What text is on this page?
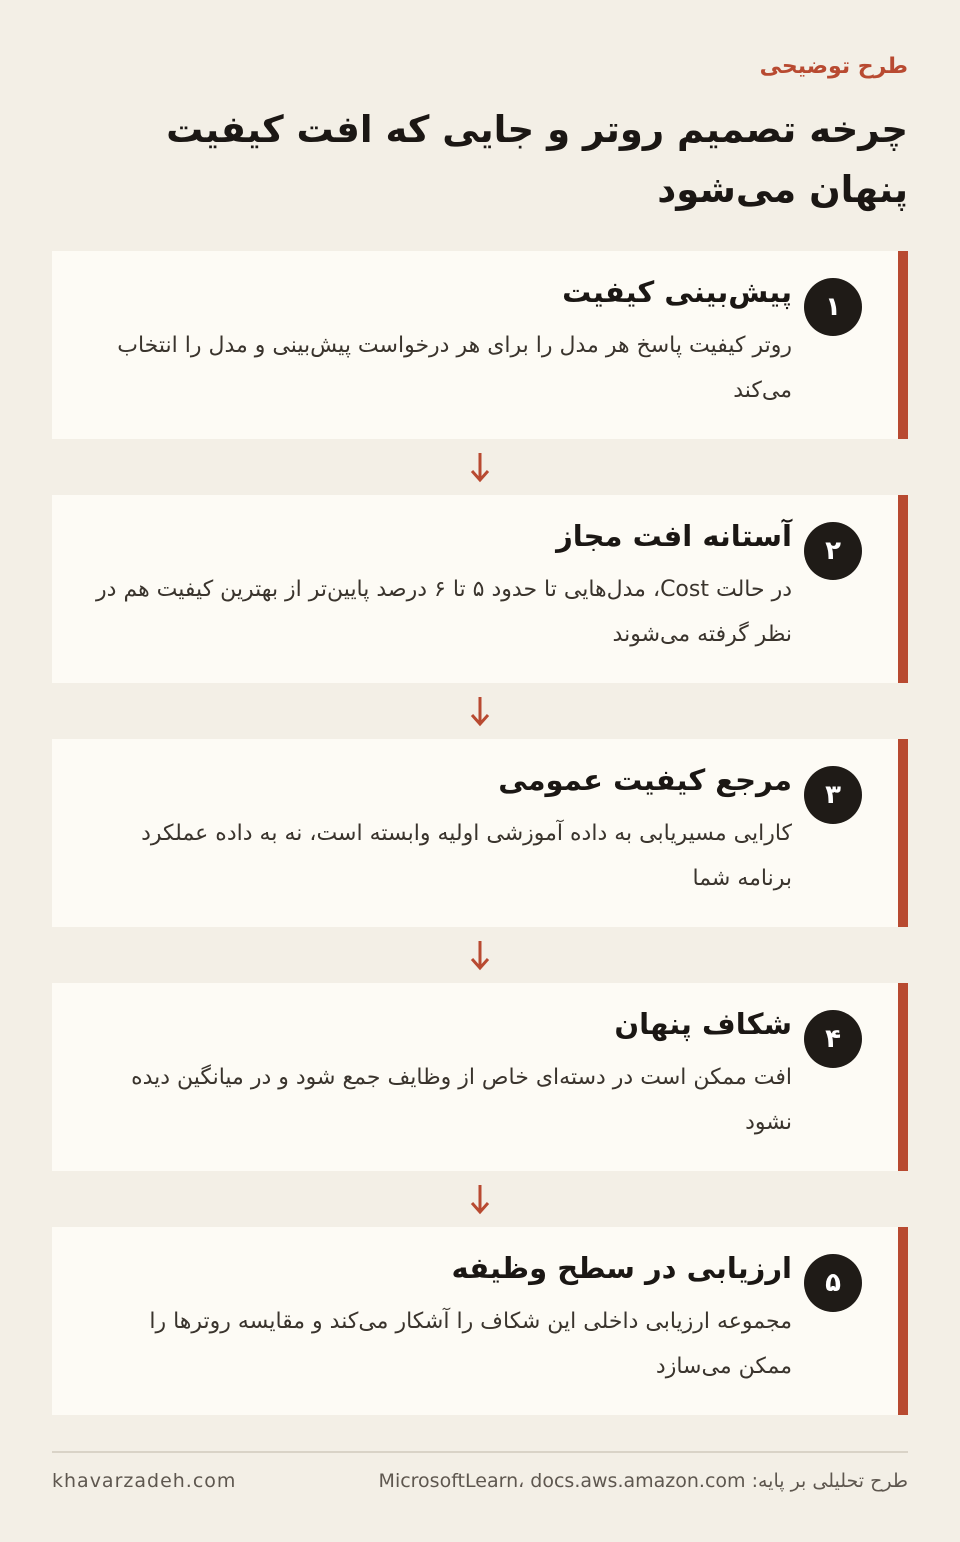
طرح توضیحی
چرخه تصمیم روتر و جایی که افت کیفیت پنهان می‌شود
۱
پیش‌بینی کیفیت

روتر کیفیت پاسخ هر مدل را برای هر درخواست پیش‌بینی و مدل را انتخاب می‌کند

۲
آستانه افت مجاز

در حالت Cost، مدل‌هایی تا حدود ۵ تا ۶ درصد پایین‌تر از بهترین کیفیت هم در نظر گرفته می‌شوند

۳
مرجع کیفیت عمومی

کارایی مسیریابی به داده آموزشی اولیه وابسته است، نه به داده عملکرد برنامه شما

۴
شکاف پنهان

افت ممکن است در دسته‌ای خاص از وظایف جمع شود و در میانگین دیده نشود

۵
ارزیابی در سطح وظیفه

مجموعه ارزیابی داخلی این شکاف را آشکار می‌کند و مقایسه روترها را ممکن می‌سازد

طرح تحلیلی بر پایه: MicrosoftLearn، docs.aws.amazon.com
khavarzadeh.com
